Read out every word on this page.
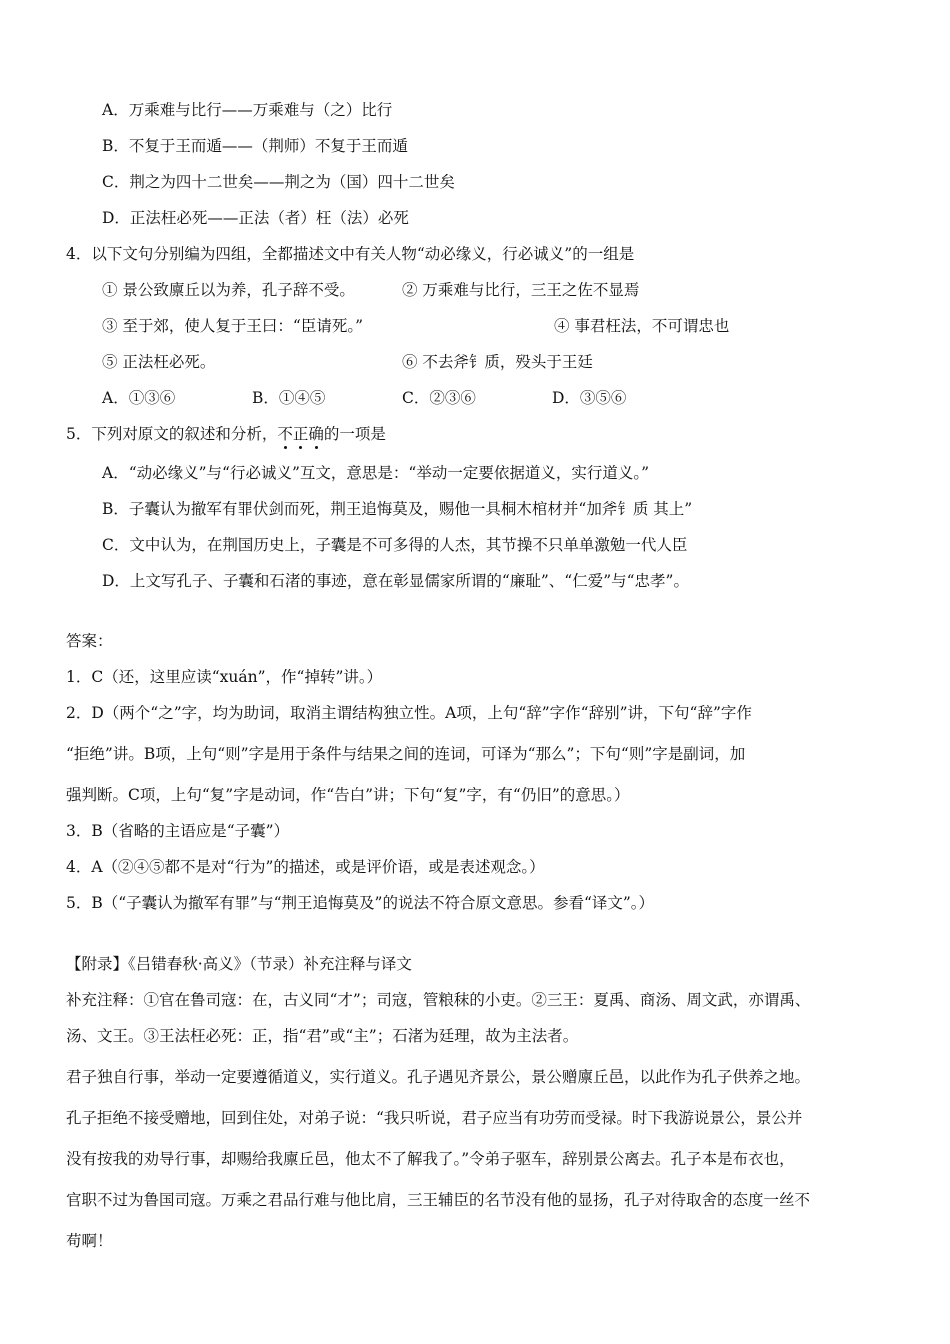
A．万乘难与比行——万乘难与（之）比行
B．不复于王而遁——（荆师）不复于王而遁
C．荆之为四十二世矣——荆之为（国）四十二世矣
D．正法枉必死——正法（者）枉（法）必死
4．以下文句分别编为四组，全都描述文中有关人物“动必缘义，行必诚义”的一组是
① 景公致廪丘以为养，孔子辞不受。	② 万乘难与比行，三王之佐不显焉
③ 至于郊，使人复于王曰：“臣请死。”	④ 事君枉法，不可谓忠也
⑤ 正法枉必死。	⑥ 不去斧钅质，殁头于王廷
A．①③⑥	B．①④⑤	C．②③⑥	D．③⑤⑥
5．下列对原文的叙述和分析，不正确的一项是
A．“动必缘义”与“行必诚义”互文，意思是：“举动一定要依据道义，实行道义。”
B．子囊认为撤军有罪伏剑而死，荆王追悔莫及，赐他一具桐木棺材并“加斧钅质 其上”
C．文中认为，在荆国历史上，子囊是不可多得的人杰，其节操不只单单激勉一代人臣
D．上文写孔子、子囊和石渚的事迹，意在彰显儒家所谓的“廉耻”、“仁爱”与“忠孝”。
答案：
1．C（还，这里应读“xuán”，作“掉转”讲。）
2．D（两个“之”字，均为助词，取消主谓结构独立性。A项，上句“辞”字作“辞别”讲，下句“辞”字作
“拒绝”讲。B项，上句“则”字是用于条件与结果之间的连词，可译为“那么”；下句“则”字是副词，加
强判断。C项，上句“复”字是动词，作“告白”讲；下句“复”字，有“仍旧”的意思。）
3．B（省略的主语应是“子囊”）
4．A（②④⑤都不是对“行为”的描述，或是评价语，或是表述观念。）
5．B（“子囊认为撤军有罪”与“荆王追悔莫及”的说法不符合原文意思。参看“译文”。）
【附录】《吕错春秋·高义》（节录）补充注释与译文
补充注释：①官在鲁司寇：在，古义同“才”；司寇，管粮秣的小吏。②三王：夏禹、商汤、周文武，亦谓禹、
汤、文王。③王法枉必死：正，指“君”或“主”；石渚为廷理，故为主法者。
君子独自行事，举动一定要遵循道义，实行道义。孔子遇见齐景公，景公赠廪丘邑，以此作为孔子供养之地。
孔子拒绝不接受赠地，回到住处，对弟子说：“我只听说，君子应当有功劳而受禄。时下我游说景公，景公并
没有按我的劝导行事，却赐给我廪丘邑，他太不了解我了。”令弟子驱车，辞别景公离去。孔子本是布衣也，
官职不过为鲁国司寇。万乘之君品行难与他比肩，三王辅臣的名节没有他的显扬，孔子对待取舍的态度一丝不
苟啊！
